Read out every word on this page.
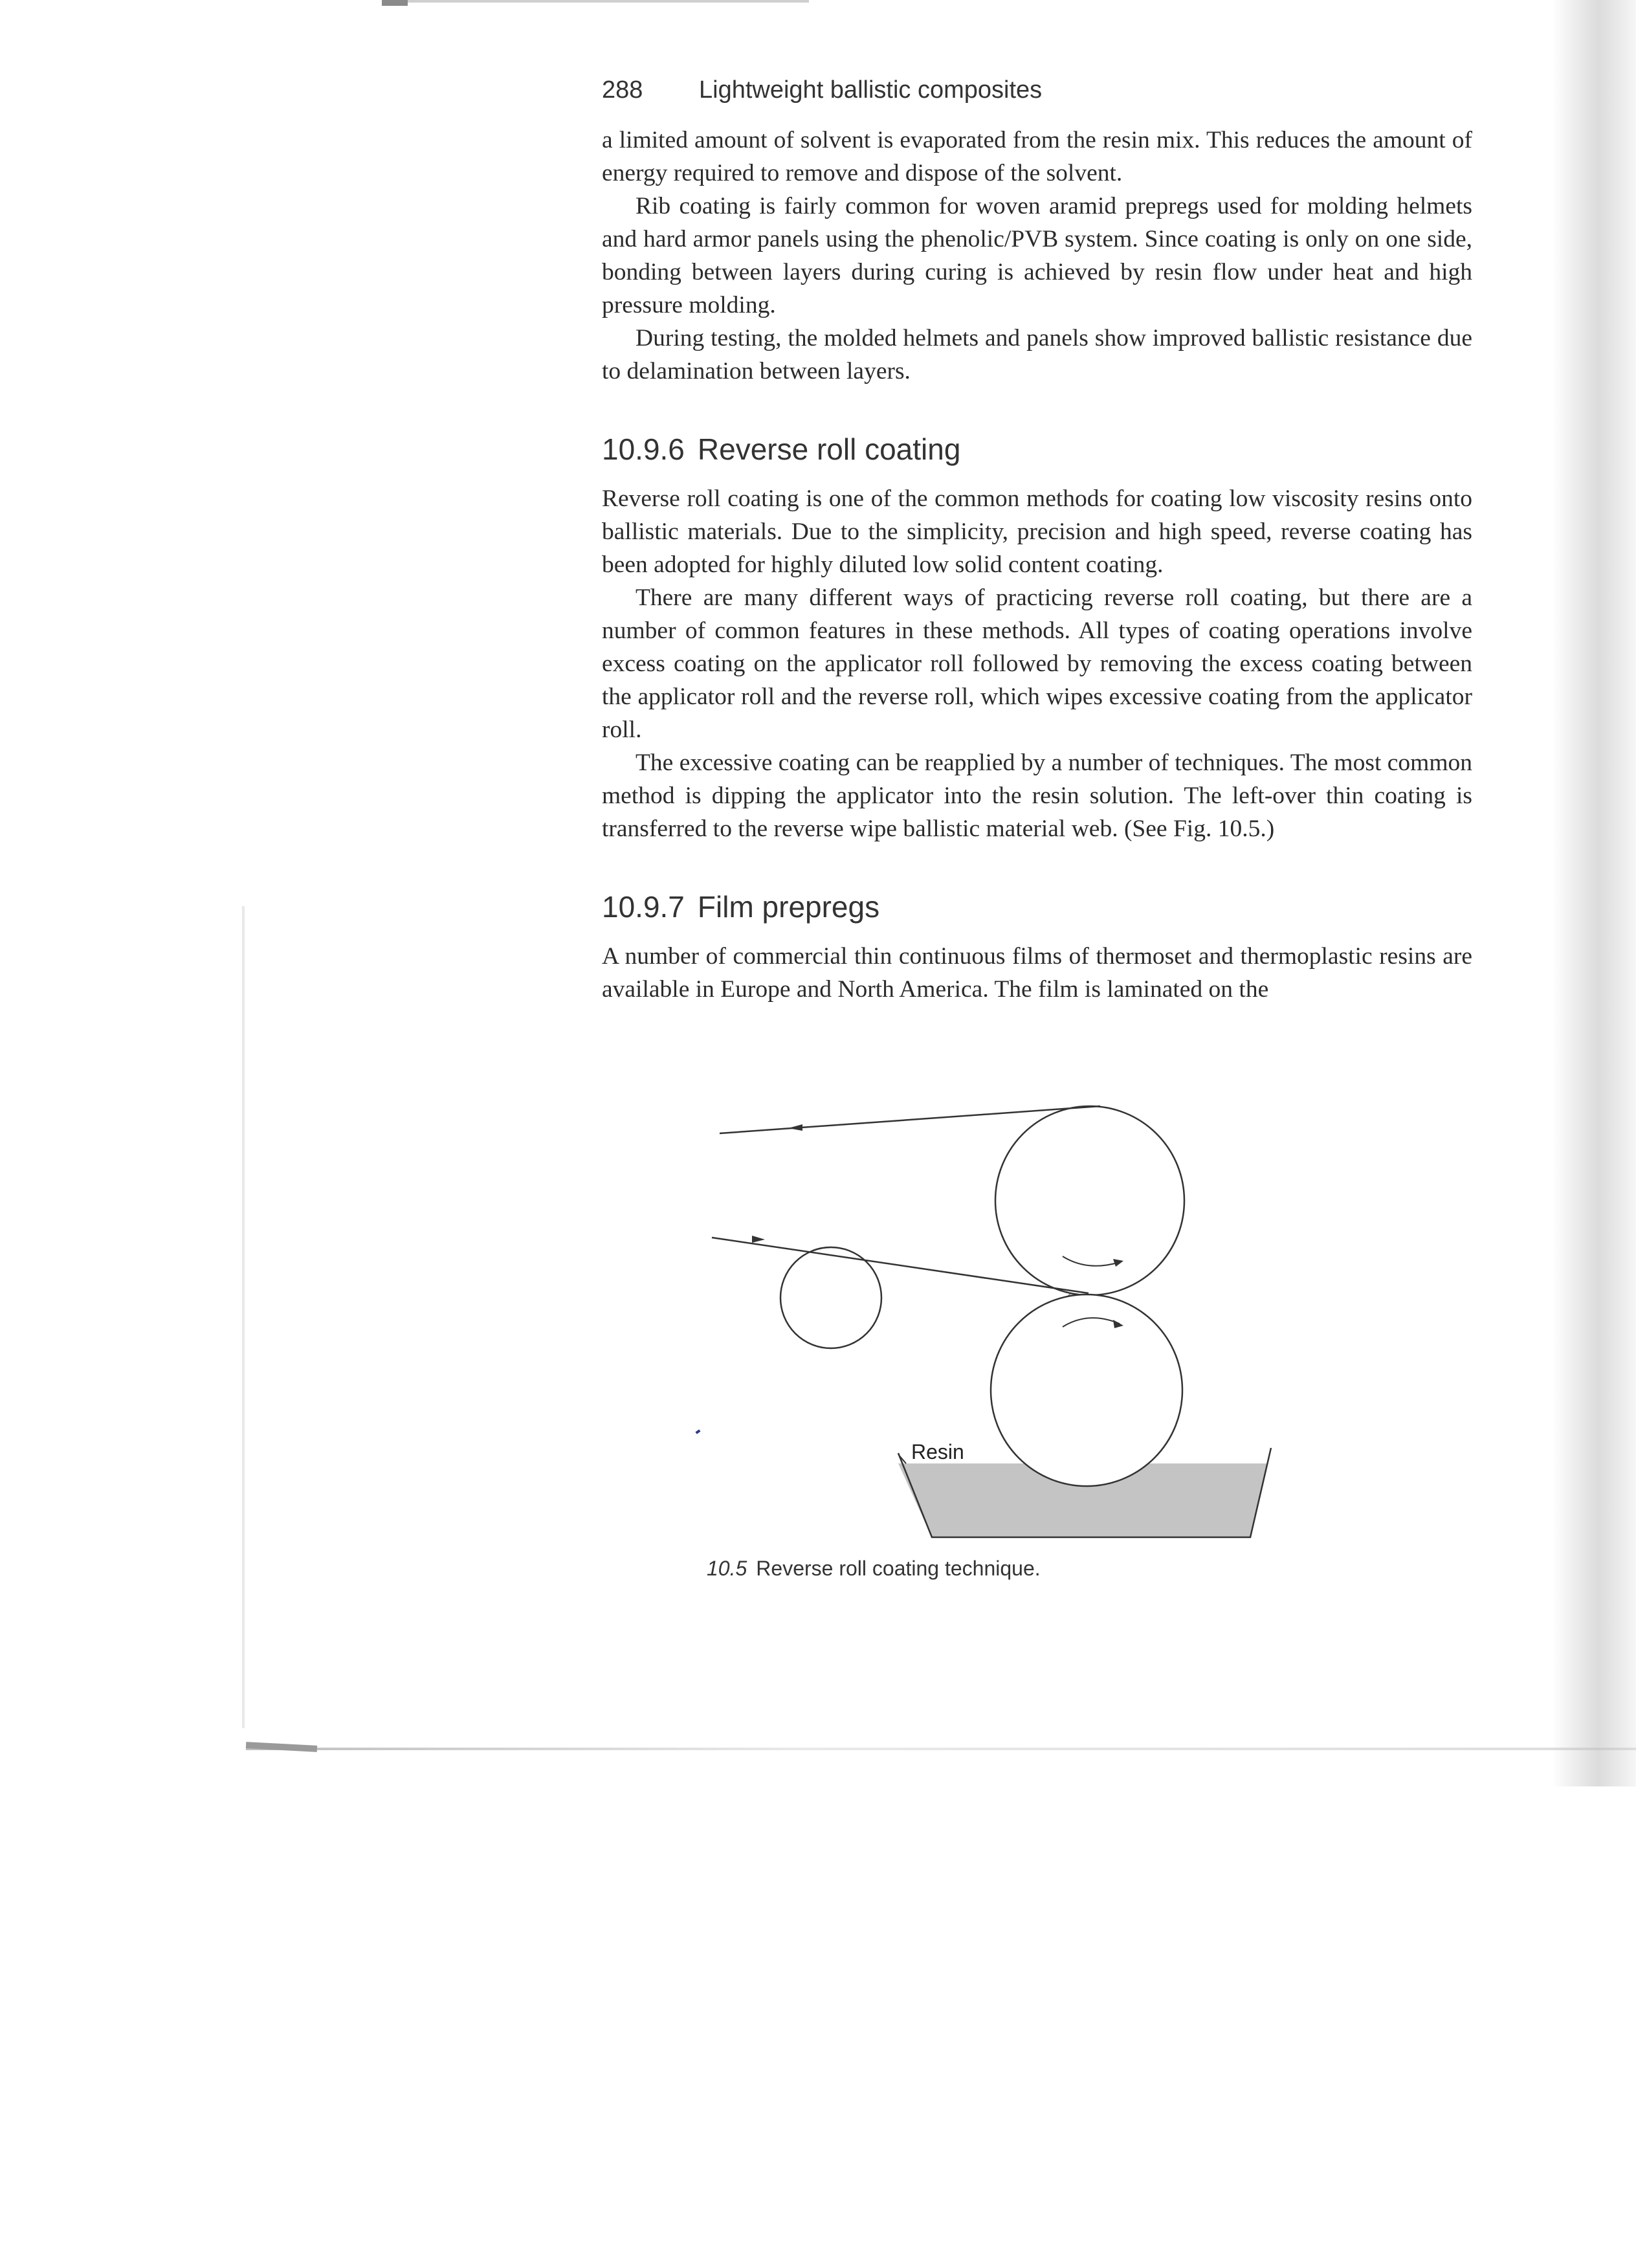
288 Lightweight ballistic composites

a limited amount of solvent is evaporated from the resin mix. This reduces the amount of energy required to remove and dispose of the solvent.

Rib coating is fairly common for woven aramid prepregs used for molding helmets and hard armor panels using the phenolic/PVB system. Since coating is only on one side, bonding between layers during curing is achieved by resin flow under heat and high pressure molding.

During testing, the molded helmets and panels show improved ballistic resistance due to delamination between layers.

10.9.6 Reverse roll coating

Reverse roll coating is one of the common methods for coating low viscosity resins onto ballistic materials. Due to the simplicity, precision and high speed, reverse coating has been adopted for highly diluted low solid content coating.

There are many different ways of practicing reverse roll coating, but there are a number of common features in these methods. All types of coating operations involve excess coating on the applicator roll followed by removing the excess coating between the applicator roll and the reverse roll, which wipes excessive coating from the applicator roll.

The excessive coating can be reapplied by a number of techniques. The most common method is dipping the applicator into the resin solution. The left-over thin coating is transferred to the reverse wipe ballistic material web. (See Fig. 10.5.)

10.9.7 Film prepregs

A number of commercial thin continuous films of thermoset and thermoplastic resins are available in Europe and North America. The film is laminated on the

Resin
10.5 Reverse roll coating technique.
